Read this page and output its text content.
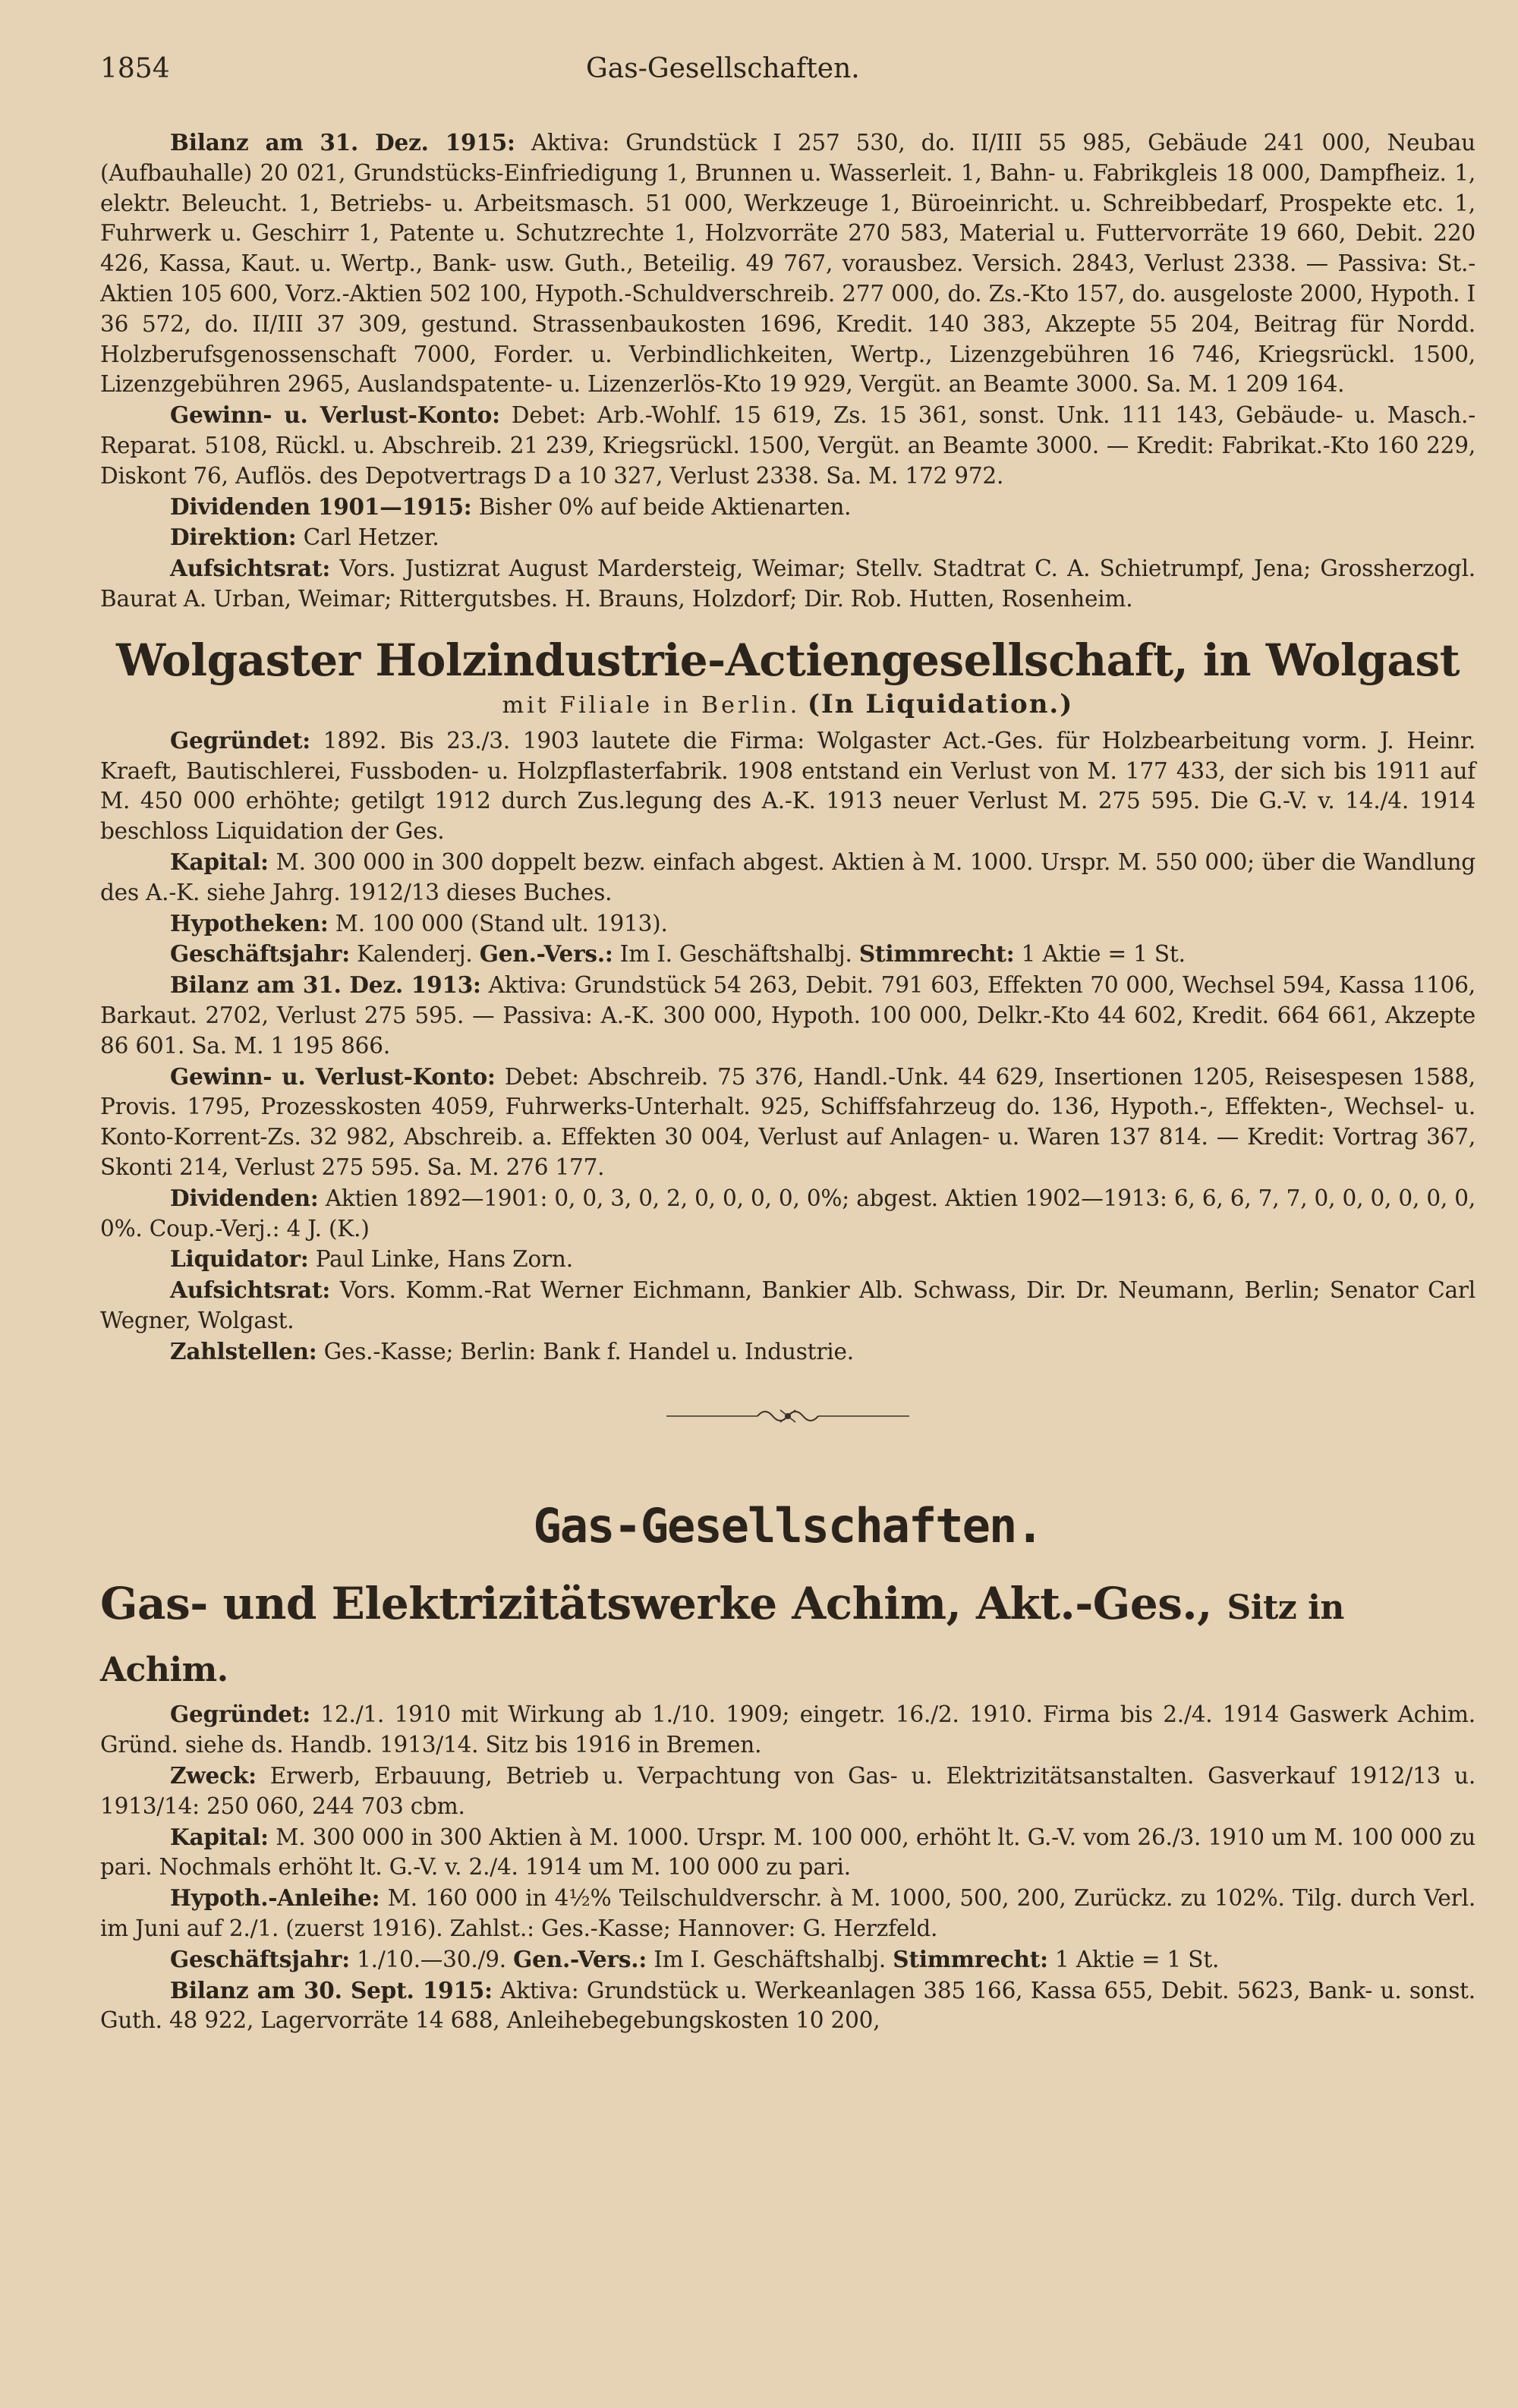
1854	Gas-Gesellschaften.

Bilanz am 31. Dez. 1915: Aktiva: Grundstück I 257 530, do. II/III 55 985, Gebäude 241 000, Neubau (Aufbauhalle) 20 021, Grundstücks-Einfriedigung 1, Brunnen u. Wasserleit. 1, Bahn- u. Fabrikgleis 18 000, Dampfheiz. 1, elektr. Beleucht. 1, Betriebs- u. Arbeitsmasch. 51 000, Werkzeuge 1, Büroeinricht. u. Schreibbedarf, Prospekte etc. 1, Fuhrwerk u. Geschirr 1, Patente u. Schutzrechte 1, Holzvorräte 270 583, Material u. Futtervorräte 19 660, Debit. 220 426, Kassa, Kaut. u. Wertp., Bank- usw. Guth., Beteilig. 49 767, vorausbez. Versich. 2843, Verlust 2338. — Passiva: St.-Aktien 105 600, Vorz.-Aktien 502 100, Hypoth.-Schuldverschreib. 277 000, do. Zs.-Kto 157, do. ausgeloste 2000, Hypoth. I 36 572, do. II/III 37 309, gestund. Strassenbaukosten 1696, Kredit. 140 383, Akzepte 55 204, Beitrag für Nordd. Holzberufsgenossenschaft 7000, Forder. u. Verbindlichkeiten, Wertp., Lizenzgebühren 16 746, Kriegsrückl. 1500, Lizenzgebühren 2965, Auslandspatente- u. Lizenzerlös-Kto 19 929, Vergüt. an Beamte 3000. Sa. M. 1 209 164.

Gewinn- u. Verlust-Konto: Debet: Arb.-Wohlf. 15 619, Zs. 15 361, sonst. Unk. 111 143, Gebäude- u. Masch.-Reparat. 5108, Rückl. u. Abschreib. 21 239, Kriegsrückl. 1500, Vergüt. an Beamte 3000. — Kredit: Fabrikat.-Kto 160 229, Diskont 76, Auflös. des Depotvertrags D a 10 327, Verlust 2338. Sa. M. 172 972.

Dividenden 1901—1915: Bisher 0% auf beide Aktienarten.

Direktion: Carl Hetzer.

Aufsichtsrat: Vors. Justizrat August Mardersteig, Weimar; Stellv. Stadtrat C. A. Schietrumpf, Jena; Grossherzogl. Baurat A. Urban, Weimar; Rittergutsbes. H. Brauns, Holzdorf; Dir. Rob. Hutten, Rosenheim.

Wolgaster Holzindustrie-Actiengesellschaft, in Wolgast
mit Filiale in Berlin. (In Liquidation.)

Gegründet: 1892. Bis 23./3. 1903 lautete die Firma: Wolgaster Act.-Ges. für Holzbearbeitung vorm. J. Heinr. Kraeft, Bautischlerei, Fussboden- u. Holzpflasterfabrik. 1908 entstand ein Verlust von M. 177 433, der sich bis 1911 auf M. 450 000 erhöhte; getilgt 1912 durch Zus.legung des A.-K. 1913 neuer Verlust M. 275 595. Die G.-V. v. 14./4. 1914 beschloss Liquidation der Ges.

Kapital: M. 300 000 in 300 doppelt bezw. einfach abgest. Aktien à M. 1000. Urspr. M. 550 000; über die Wandlung des A.-K. siehe Jahrg. 1912/13 dieses Buches.

Hypotheken: M. 100 000 (Stand ult. 1913).

Geschäftsjahr: Kalenderj. Gen.-Vers.: Im I. Geschäftshalbj. Stimmrecht: 1 Aktie = 1 St.

Bilanz am 31. Dez. 1913: Aktiva: Grundstück 54 263, Debit. 791 603, Effekten 70 000, Wechsel 594, Kassa 1106, Barkaut. 2702, Verlust 275 595. — Passiva: A.-K. 300 000, Hypoth. 100 000, Delkr.-Kto 44 602, Kredit. 664 661, Akzepte 86 601. Sa. M. 1 195 866.

Gewinn- u. Verlust-Konto: Debet: Abschreib. 75 376, Handl.-Unk. 44 629, Insertionen 1205, Reisespesen 1588, Provis. 1795, Prozesskosten 4059, Fuhrwerks-Unterhalt. 925, Schiffsfahrzeug do. 136, Hypoth.-, Effekten-, Wechsel- u. Konto-Korrent-Zs. 32 982, Abschreib. a. Effekten 30 004, Verlust auf Anlagen- u. Waren 137 814. — Kredit: Vortrag 367, Skonti 214, Verlust 275 595. Sa. M. 276 177.

Dividenden: Aktien 1892—1901: 0, 0, 3, 0, 2, 0, 0, 0, 0, 0%; abgest. Aktien 1902—1913: 6, 6, 6, 7, 7, 0, 0, 0, 0, 0, 0, 0%. Coup.-Verj.: 4 J. (K.)

Liquidator: Paul Linke, Hans Zorn.

Aufsichtsrat: Vors. Komm.-Rat Werner Eichmann, Bankier Alb. Schwass, Dir. Dr. Neumann, Berlin; Senator Carl Wegner, Wolgast.

Zahlstellen: Ges.-Kasse; Berlin: Bank f. Handel u. Industrie.

Gas-Gesellschaften.
Gas- und Elektrizitätswerke Achim, Akt.-Ges., Sitz in Achim.

Gegründet: 12./1. 1910 mit Wirkung ab 1./10. 1909; eingetr. 16./2. 1910. Firma bis 2./4. 1914 Gaswerk Achim. Gründ. siehe ds. Handb. 1913/14. Sitz bis 1916 in Bremen.

Zweck: Erwerb, Erbauung, Betrieb u. Verpachtung von Gas- u. Elektrizitätsanstalten. Gasverkauf 1912/13 u. 1913/14: 250 060, 244 703 cbm.

Kapital: M. 300 000 in 300 Aktien à M. 1000. Urspr. M. 100 000, erhöht lt. G.-V. vom 26./3. 1910 um M. 100 000 zu pari. Nochmals erhöht lt. G.-V. v. 2./4. 1914 um M. 100 000 zu pari.

Hypoth.-Anleihe: M. 160 000 in 4½% Teilschuldverschr. à M. 1000, 500, 200, Zurückz. zu 102%. Tilg. durch Verl. im Juni auf 2./1. (zuerst 1916). Zahlst.: Ges.-Kasse; Hannover: G. Herzfeld.

Geschäftsjahr: 1./10.—30./9. Gen.-Vers.: Im I. Geschäftshalbj. Stimmrecht: 1 Aktie = 1 St.

Bilanz am 30. Sept. 1915: Aktiva: Grundstück u. Werkeanlagen 385 166, Kassa 655, Debit. 5623, Bank- u. sonst. Guth. 48 922, Lagervorräte 14 688, Anleihebegebungskosten 10 200,
